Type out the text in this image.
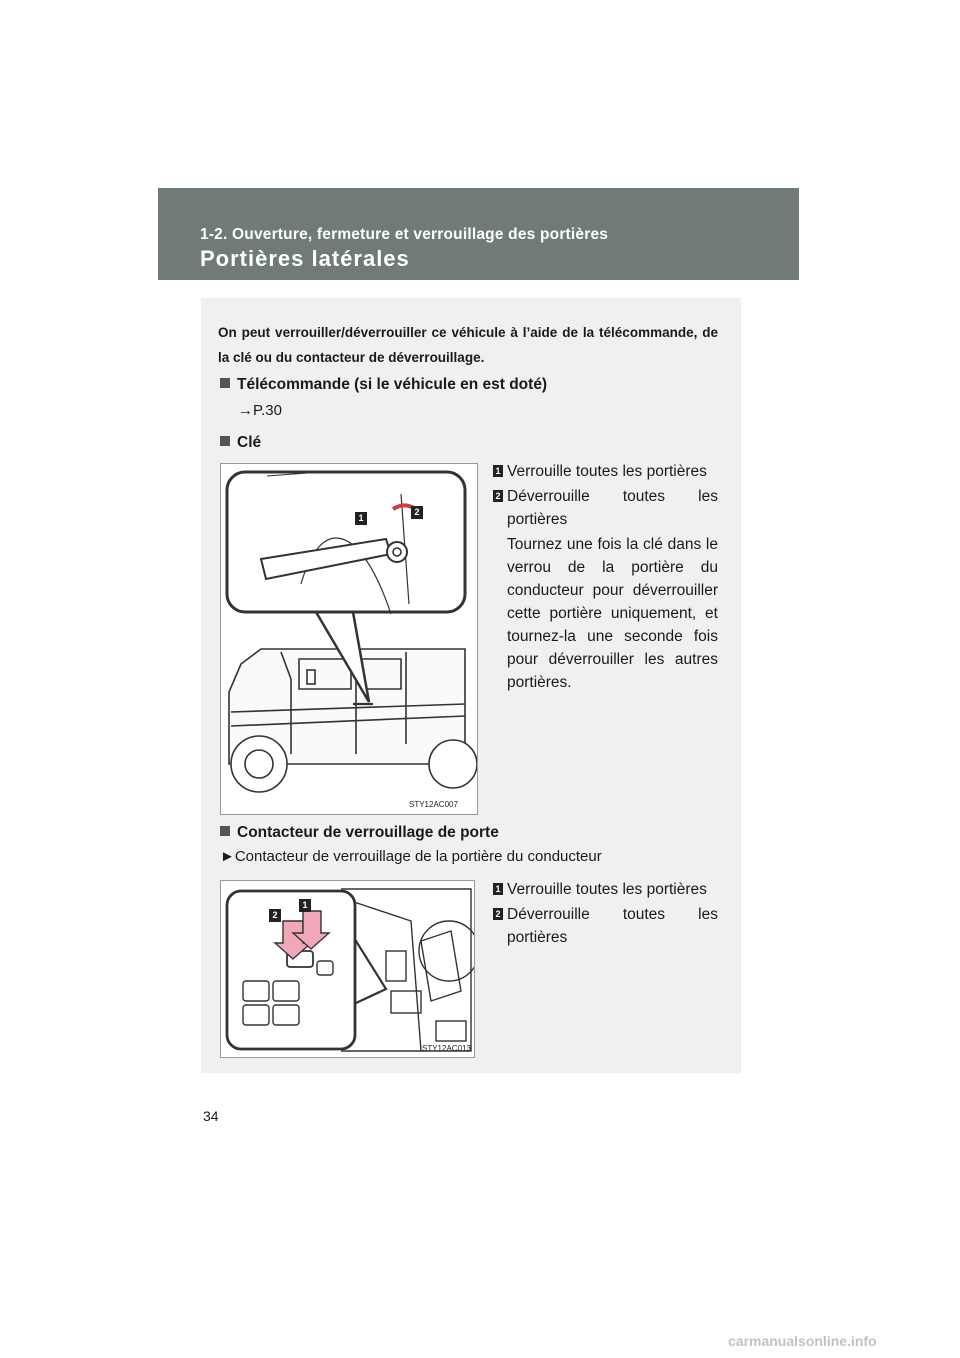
1-2. Ouverture, fermeture et verrouillage des portières
Portières latérales
On peut verrouiller/déverrouiller ce véhicule à l’aide de la télécommande, de la clé ou du contacteur de déverrouillage.
Télécommande (si le véhicule en est doté)
→P.30
Clé
1
2
STY12AC007
1 Verrouille toutes les portières
2 Déverrouille toutes les portières
Tournez une fois la clé dans le verrou de la portière du conducteur pour déverrouiller cette portière uniquement, et tournez-la une seconde fois pour déverrouiller les autres portières.
Contacteur de verrouillage de porte
►Contacteur de verrouillage de la portière du conducteur
2
1
STY12AC013
1 Verrouille toutes les portières
2 Déverrouille toutes les portières
34
carmanualsonline.info
